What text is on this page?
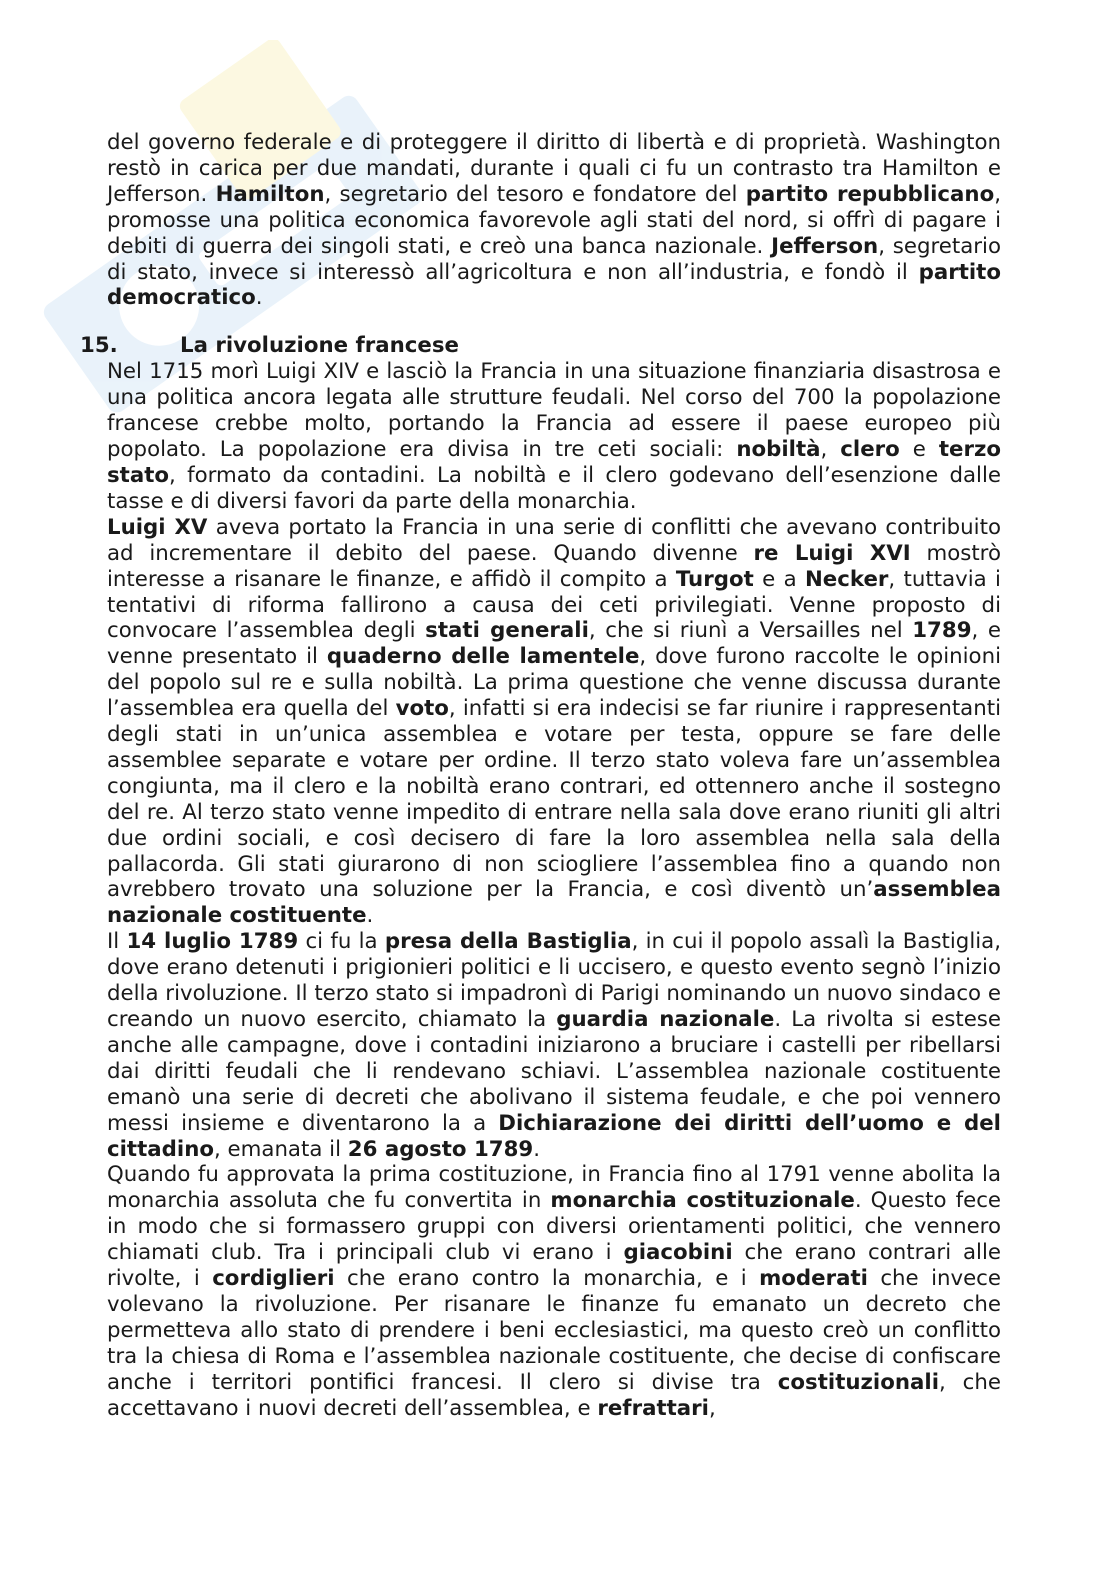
del governo federale e di proteggere il diritto di libertà e di proprietà. Washington restò in carica per due mandati, durante i quali ci fu un contrasto tra Hamilton e Jefferson. Hamilton, segretario del tesoro e fondatore del partito repubblicano, promosse una politica economica favorevole agli stati del nord, si offrì di pagare i debiti di guerra dei singoli stati, e creò una banca nazionale. Jefferson, segretario di stato, invece si interessò all’agricoltura e non all’industria, e fondò il partito democratico.

15.	La rivoluzione francese

Nel 1715 morì Luigi XIV e lasciò la Francia in una situazione finanziaria disastrosa e una politica ancora legata alle strutture feudali. Nel corso del 700 la popolazione francese crebbe molto, portando la Francia ad essere il paese europeo più popolato. La popolazione era divisa in tre ceti sociali: nobiltà, clero e terzo stato, formato da contadini. La nobiltà e il clero godevano dell’esenzione dalle tasse e di diversi favori da parte della monarchia.

Luigi XV aveva portato la Francia in una serie di conflitti che avevano contribuito ad incrementare il debito del paese. Quando divenne re Luigi XVI mostrò interesse a risanare le finanze, e affidò il compito a Turgot e a Necker, tuttavia i tentativi di riforma fallirono a causa dei ceti privilegiati. Venne proposto di convocare l’assemblea degli stati generali, che si riunì a Versailles nel 1789, e venne presentato il quaderno delle lamentele, dove furono raccolte le opinioni del popolo sul re e sulla nobiltà. La prima questione che venne discussa durante l’assemblea era quella del voto, infatti si era indecisi se far riunire i rappresentanti degli stati in un’unica assemblea e votare per testa, oppure se fare delle assemblee separate e votare per ordine. Il terzo stato voleva fare un’assemblea congiunta, ma il clero e la nobiltà erano contrari, ed ottennero anche il sostegno del re. Al terzo stato venne impedito di entrare nella sala dove erano riuniti gli altri due ordini sociali, e così decisero di fare la loro assemblea nella sala della pallacorda. Gli stati giurarono di non sciogliere l’assemblea fino a quando non avrebbero trovato una soluzione per la Francia, e così diventò un’assemblea nazionale costituente.

Il 14 luglio 1789 ci fu la presa della Bastiglia, in cui il popolo assalì la Bastiglia, dove erano detenuti i prigionieri politici e li uccisero, e questo evento segnò l’inizio della rivoluzione. Il terzo stato si impadronì di Parigi nominando un nuovo sindaco e creando un nuovo esercito, chiamato la guardia nazionale. La rivolta si estese anche alle campagne, dove i contadini iniziarono a bruciare i castelli per ribellarsi dai diritti feudali che li rendevano schiavi. L’assemblea nazionale costituente emanò una serie di decreti che abolivano il sistema feudale, e che poi vennero messi insieme e diventarono la a Dichiarazione dei diritti dell’uomo e del cittadino, emanata il 26 agosto 1789.

Quando fu approvata la prima costituzione, in Francia fino al 1791 venne abolita la monarchia assoluta che fu convertita in monarchia costituzionale. Questo fece in modo che si formassero gruppi con diversi orientamenti politici, che vennero chiamati club. Tra i principali club vi erano i giacobini che erano contrari alle rivolte, i cordiglieri che erano contro la monarchia, e i moderati che invece volevano la rivoluzione. Per risanare le finanze fu emanato un decreto che permetteva allo stato di prendere i beni ecclesiastici, ma questo creò un conflitto tra la chiesa di Roma e l’assemblea nazionale costituente, che decise di confiscare anche i territori pontifici francesi. Il clero si divise tra costituzionali, che accettavano i nuovi decreti dell’assemblea, e refrattari,
